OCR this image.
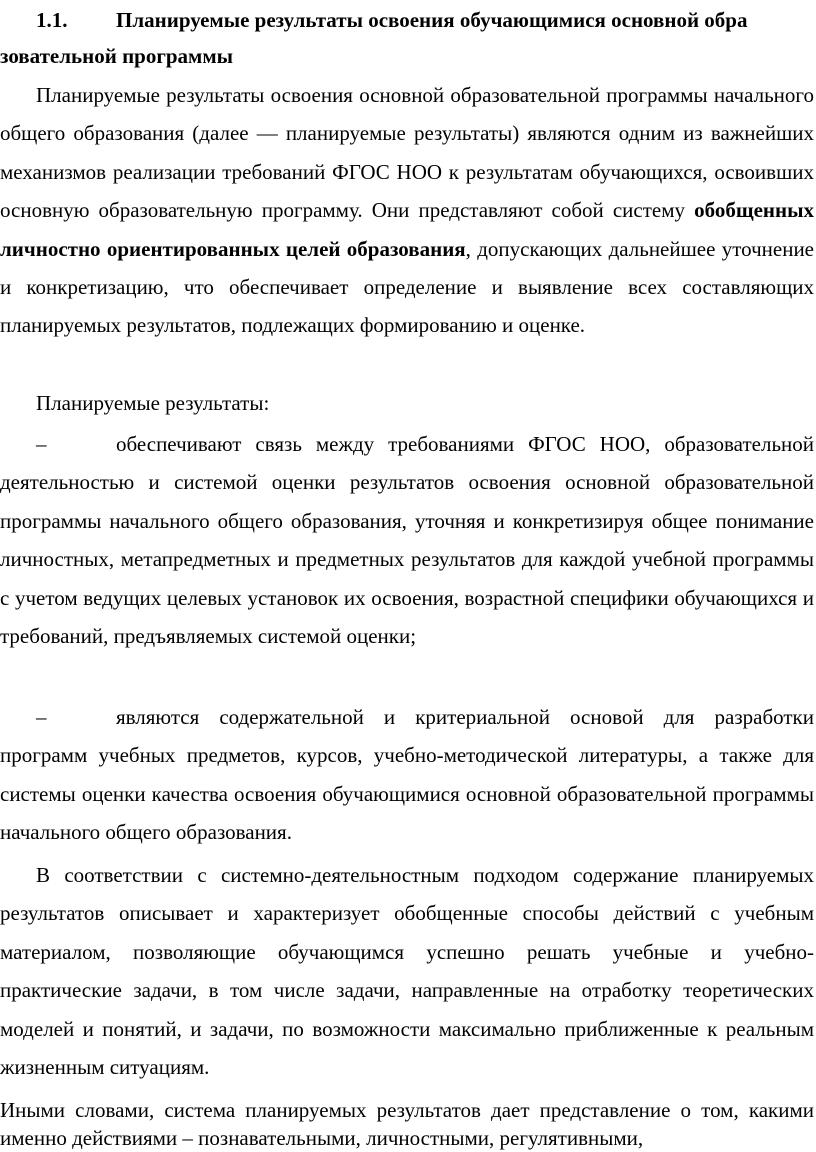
1.1. Планируемые результаты освоения обучающимися основной обра
зовательной программы

Планируемые результаты освоения основной образовательной программы начального общего образования (далее — планируемые результаты) являются одним из важнейших механизмов реализации требований ФГОС НОО к результатам обучающихся, освоивших основную образовательную программу. Они представляют собой систему обобщенных личностно ориентированных целей образования, допускающих дальнейшее уточнение и конкретизацию, что обеспечивает определение и выявление всех составляющих планируемых результатов, подлежащих формированию и оценке.

Планируемые результаты:

–	обеспечивают связь между требованиями ФГОС НОО, образовательной деятельностью и системой оценки результатов освоения основной образовательной программы начального общего образования, уточняя и конкретизируя общее понимание личностных, метапредметных и предметных результатов для каждой учебной программы с учетом ведущих целевых установок их освоения, возрастной специфики обучающихся и требований, предъявляемых системой оценки;

–	являются содержательной и критериальной основой для разработки программ учебных предметов, курсов, учебно-методической литературы, а также для системы оценки качества освоения обучающимися основной образовательной программы начального общего образования.

В соответствии с системно-деятельностным подходом содержание планируемых результатов описывает и характеризует обобщенные способы действий с учебным материалом, позволяющие обучающимся успешно решать учебные и учебно-практические задачи, в том числе задачи, направленные на отработку теоретических моделей и понятий, и задачи, по возможности максимально приближенные к реальным жизненным ситуациям.

Иными словами, система планируемых результатов дает представление о том, какими именно действиями – познавательными, личностными, регулятивными,
